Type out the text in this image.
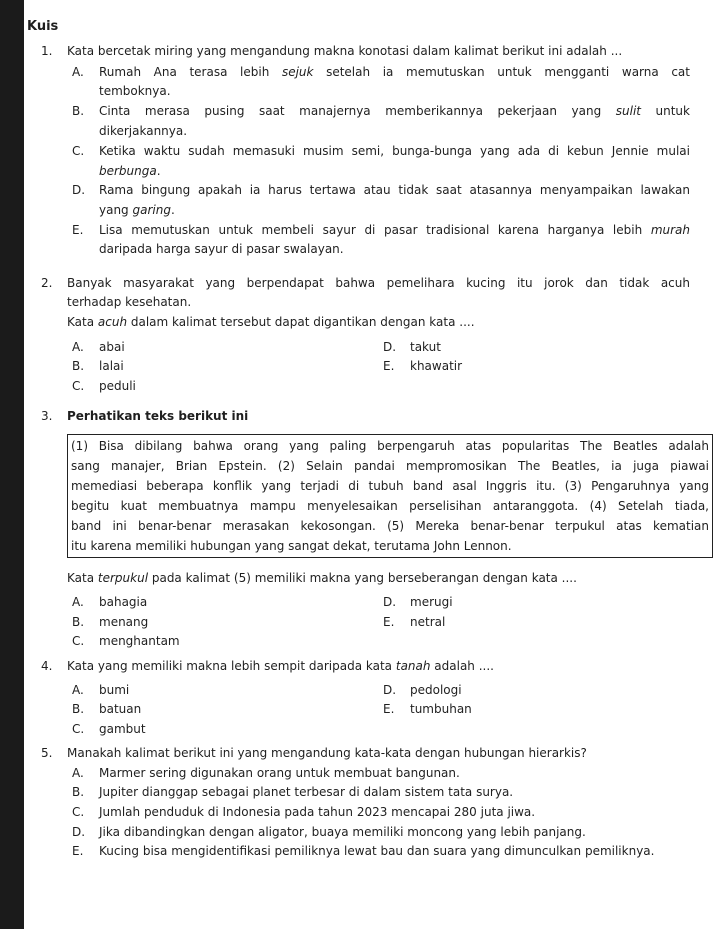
Kuis
1. Kata bercetak miring yang mengandung makna konotasi dalam kalimat berikut ini adalah ...
A. Rumah Ana terasa lebih sejuk setelah ia memutuskan untuk mengganti warna cat
temboknya.
B. Cinta merasa pusing saat manajernya memberikannya pekerjaan yang sulit untuk
dikerjakannya.
C. Ketika waktu sudah memasuki musim semi, bunga-bunga yang ada di kebun Jennie mulai
berbunga.
D. Rama bingung apakah ia harus tertawa atau tidak saat atasannya menyampaikan lawakan
yang garing.
E. Lisa memutuskan untuk membeli sayur di pasar tradisional karena harganya lebih murah
daripada harga sayur di pasar swalayan.
2. Banyak masyarakat yang berpendapat bahwa pemelihara kucing itu jorok dan tidak acuh
terhadap kesehatan.
Kata acuh dalam kalimat tersebut dapat digantikan dengan kata ....
A. abai
B. lalai
C. peduli
D. takut
E. khawatir
3. Perhatikan teks berikut ini
(1) Bisa dibilang bahwa orang yang paling berpengaruh atas popularitas The Beatles adalah
sang manajer, Brian Epstein. (2) Selain pandai mempromosikan The Beatles, ia juga piawai
memediasi beberapa konflik yang terjadi di tubuh band asal Inggris itu. (3) Pengaruhnya yang
begitu kuat membuatnya mampu menyelesaikan perselisihan antaranggota. (4) Setelah tiada,
band ini benar-benar merasakan kekosongan. (5) Mereka benar-benar terpukul atas kematian
itu karena memiliki hubungan yang sangat dekat, terutama John Lennon.
Kata terpukul pada kalimat (5) memiliki makna yang berseberangan dengan kata ....
A. bahagia
B. menang
C. menghantam
D. merugi
E. netral
4. Kata yang memiliki makna lebih sempit daripada kata tanah adalah ....
A. bumi
B. batuan
C. gambut
D. pedologi
E. tumbuhan
5. Manakah kalimat berikut ini yang mengandung kata-kata dengan hubungan hierarkis?
A. Marmer sering digunakan orang untuk membuat bangunan.
B. Jupiter dianggap sebagai planet terbesar di dalam sistem tata surya.
C. Jumlah penduduk di Indonesia pada tahun 2023 mencapai 280 juta jiwa.
D. Jika dibandingkan dengan aligator, buaya memiliki moncong yang lebih panjang.
E. Kucing bisa mengidentifikasi pemiliknya lewat bau dan suara yang dimunculkan pemiliknya.
